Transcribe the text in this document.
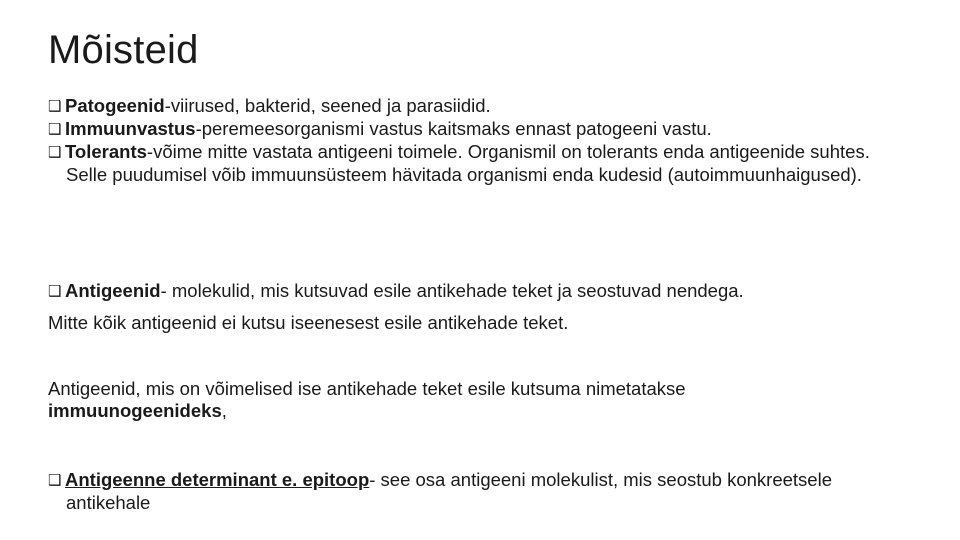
Mõisteid

❑ Patogeenid-viirused, bakterid, seened ja parasiidid.

❑ Immuunvastus-peremeesorganismi vastus kaitsmaks ennast patogeeni vastu.

❑ Tolerants-võime mitte vastata antigeeni toimele. Organismil on tolerants enda antigeenide suhtes. Selle puudumisel võib immuunsüsteem hävitada organismi enda kudesid (autoimmuunhaigused).

❑ Antigeenid- molekulid, mis kutsuvad esile antikehade teket ja seostuvad nendega.

Mitte kõik antigeenid ei kutsu iseenesest esile antikehade teket.

Antigeenid, mis on võimelised ise antikehade teket esile kutsuma nimetatakse
immuunogeenideks,

❑ Antigeenne determinant e. epitoop- see osa antigeeni molekulist, mis seostub konkreetsele antikehale
